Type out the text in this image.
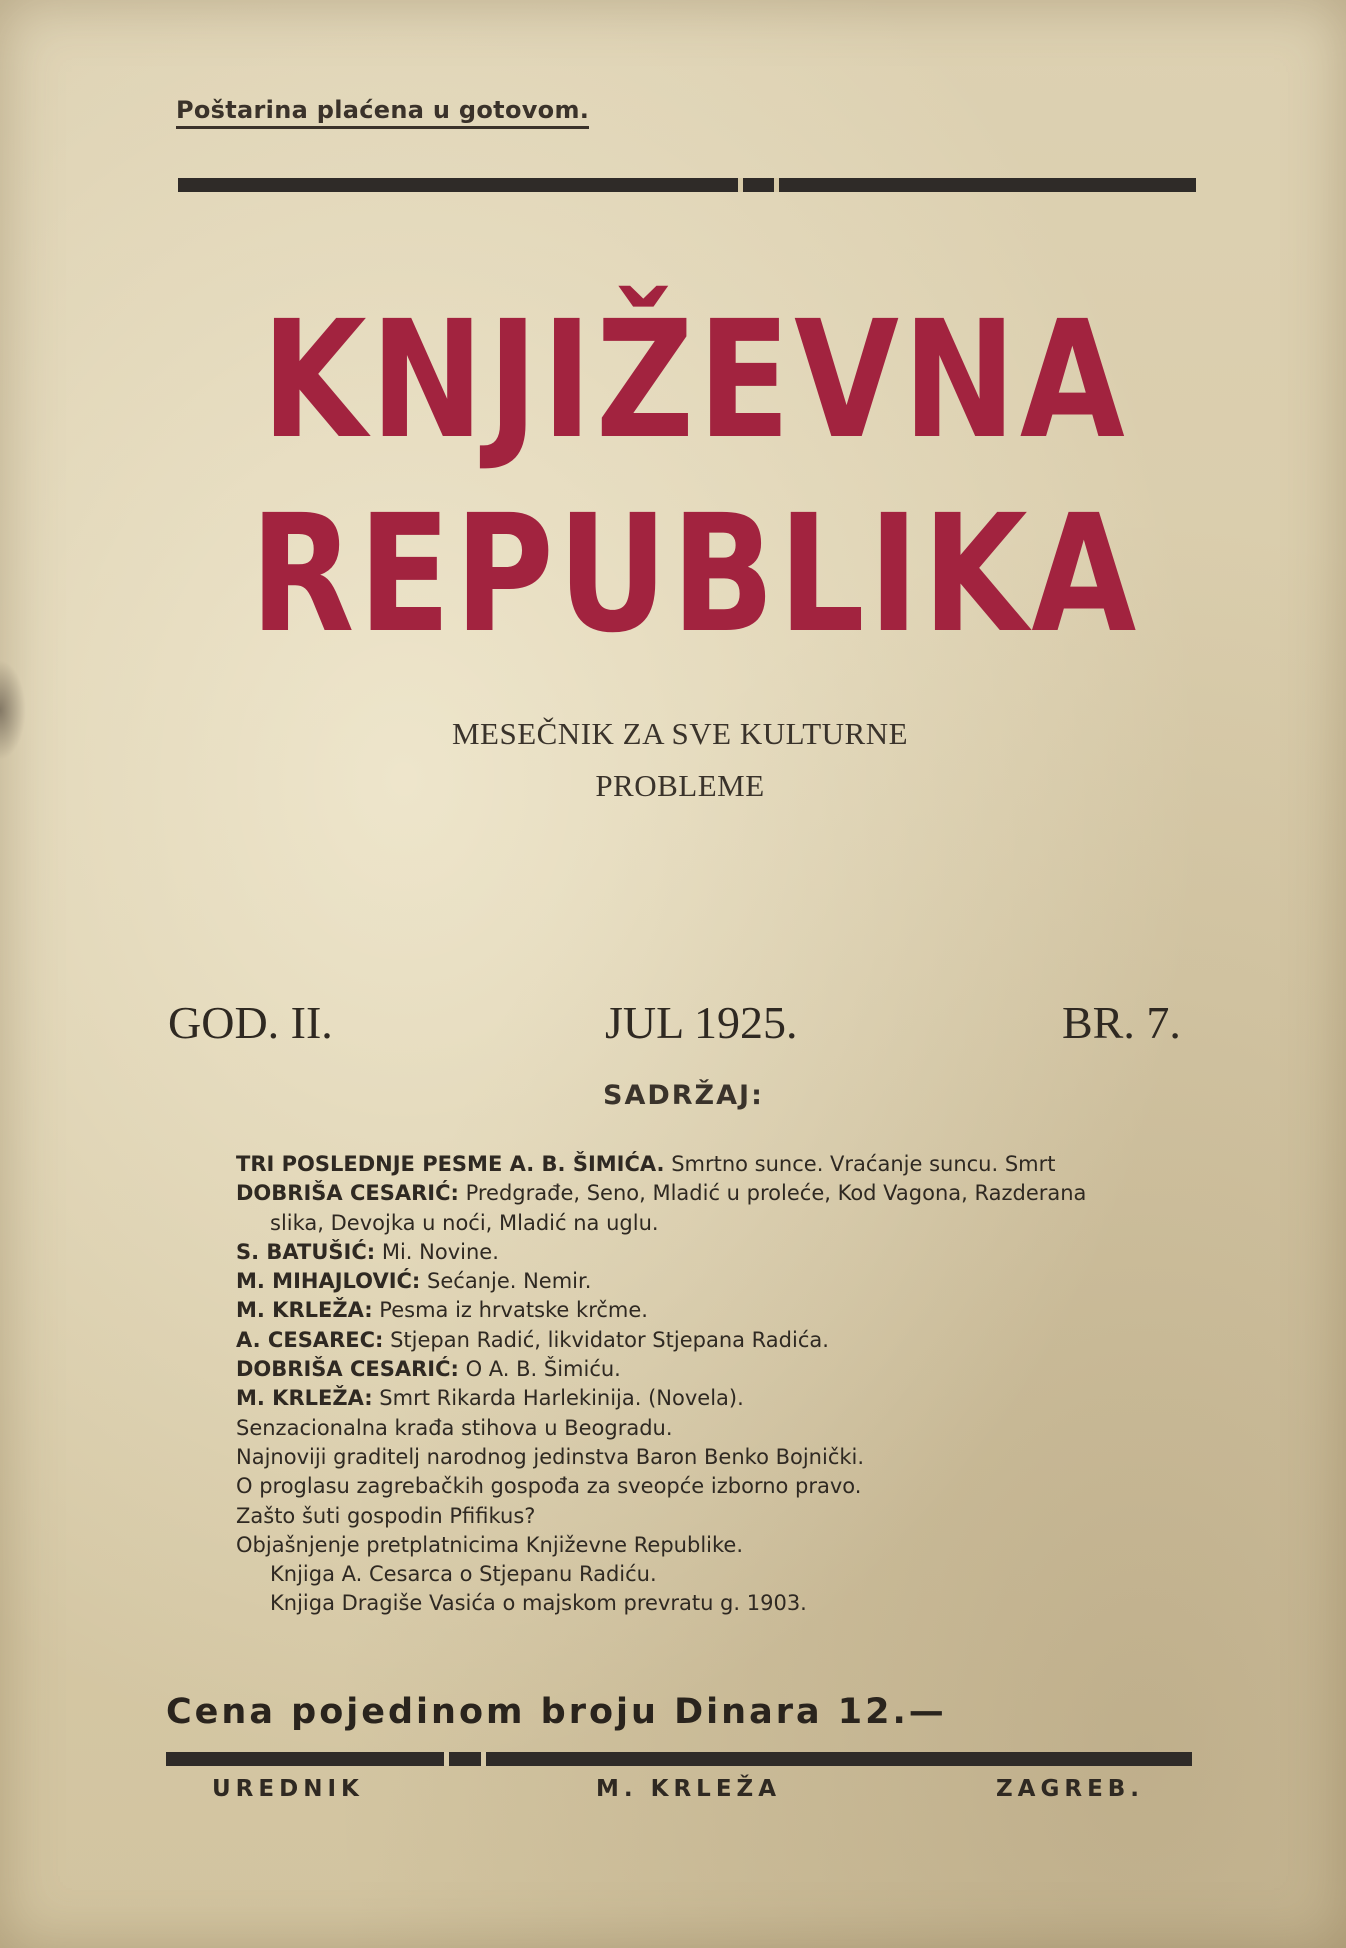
Poštarina plaćena u gotovom.
KNJIŽEVNA
REPUBLIKA
MESEČNIK ZA SVE KULTURNE
PROBLEME
GOD. II.	JUL 1925.	BR. 7.
SADRŽAJ:
TRI POSLEDNJE PESME A. B. ŠIMIĆA. Smrtno sunce. Vraćanje suncu. Smrt
DOBRIŠA CESARIĆ: Predgrađe, Seno, Mladić u proleće, Kod Vagona, Razderana
slika, Devojka u noći, Mladić na uglu.
S. BATUŠIĆ: Mi. Novine.
M. MIHAJLOVIĆ: Sećanje. Nemir.
M. KRLEŽA: Pesma iz hrvatske krčme.
A. CESAREC: Stjepan Radić, likvidator Stjepana Radića.
DOBRIŠA CESARIĆ: O A. B. Šimiću.
M. KRLEŽA: Smrt Rikarda Harlekinija. (Novela).
Senzacionalna krađa stihova u Beogradu.
Najnoviji graditelj narodnog jedinstva Baron Benko Bojnički.
O proglasu zagrebačkih gospođa za sveopće izborno pravo.
Zašto šuti gospodin Pfifikus?
Objašnjenje pretplatnicima Književne Republike.
Knjiga A. Cesarca o Stjepanu Radiću.
Knjiga Dragiše Vasića o majskom prevratu g. 1903.
Cena pojedinom broju Dinara 12.—
UREDNIK	M. KRLEŽA	ZAGREB.
